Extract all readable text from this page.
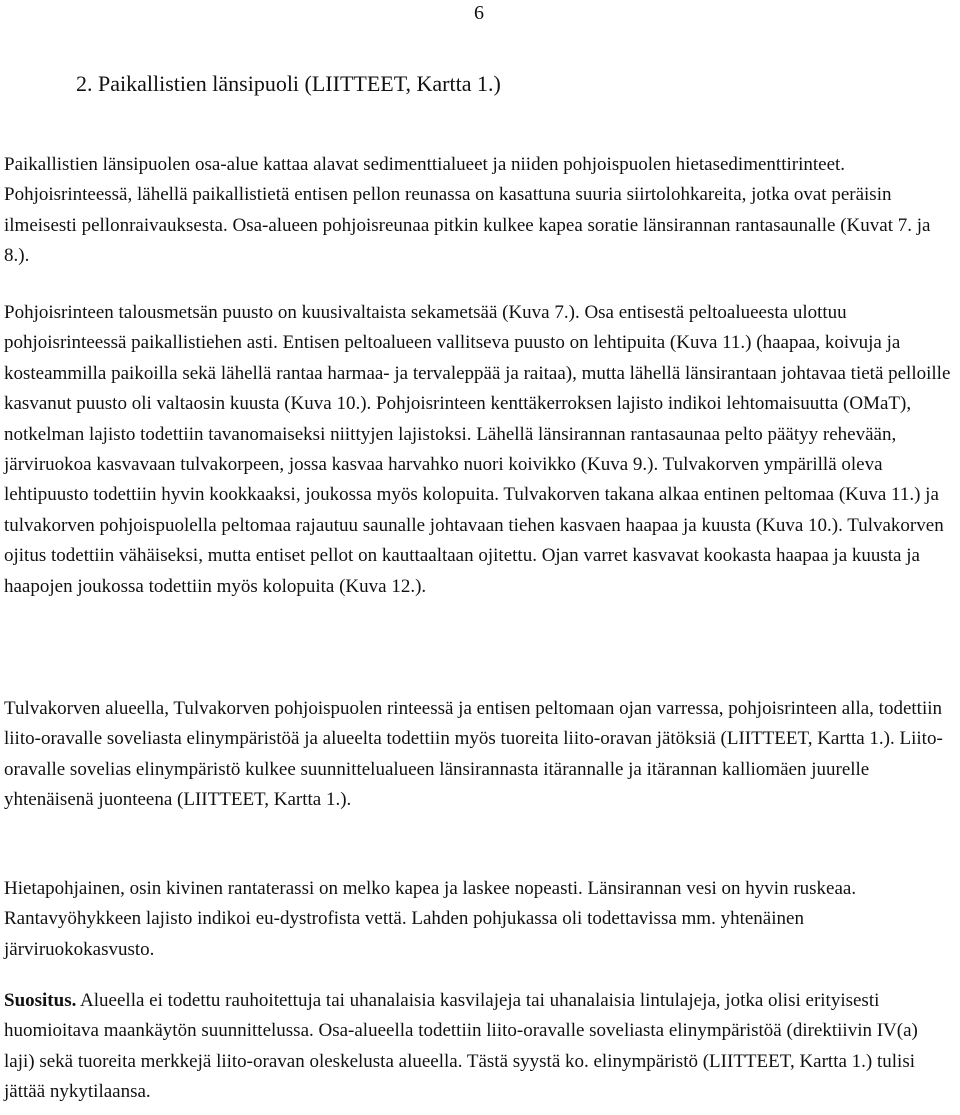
6
2. Paikallistien länsipuoli (LIITTEET, Kartta 1.)

Paikallistien länsipuolen osa-alue kattaa alavat sedimenttialueet ja niiden pohjoispuolen hietasedimenttirinteet. Pohjoisrinteessä, lähellä paikallistietä entisen pellon reunassa on kasattuna suuria siirtolohkareita, jotka ovat peräisin ilmeisesti pellonraivauksesta. Osa-alueen pohjoisreunaa pitkin kulkee kapea soratie länsirannan rantasaunalle (Kuvat 7. ja 8.).

Pohjoisrinteen talousmetsän puusto on kuusivaltaista sekametsää (Kuva 7.). Osa entisestä peltoalueesta ulottuu pohjoisrinteessä paikallistiehen asti. Entisen peltoalueen vallitseva puusto on lehtipuita (Kuva 11.) (haapaa, koivuja ja kosteammilla paikoilla sekä lähellä rantaa harmaa- ja tervaleppää ja raitaa), mutta lähellä länsirantaan johtavaa tietä pelloille kasvanut puusto oli valtaosin kuusta (Kuva 10.). Pohjoisrinteen kenttäkerroksen lajisto indikoi lehtomaisuutta (OMaT), notkelman lajisto todettiin tavanomaiseksi niittyjen lajistoksi. Lähellä länsirannan rantasaunaa pelto päätyy rehevään, järviruokoa kasvavaan tulvakorpeen, jossa kasvaa harvahko nuori koivikko (Kuva 9.). Tulvakorven ympärillä oleva lehtipuusto todettiin hyvin kookkaaksi, joukossa myös kolopuita. Tulvakorven takana alkaa entinen peltomaa (Kuva 11.) ja tulvakorven pohjoispuolella peltomaa rajautuu saunalle johtavaan tiehen kasvaen haapaa ja kuusta (Kuva 10.). Tulvakorven ojitus todettiin vähäiseksi, mutta entiset pellot on kauttaaltaan ojitettu. Ojan varret kasvavat kookasta haapaa ja kuusta ja haapojen joukossa todettiin myös kolopuita (Kuva 12.).

Tulvakorven alueella, Tulvakorven pohjoispuolen rinteessä ja entisen peltomaan ojan varressa, pohjoisrinteen alla, todettiin liito-oravalle soveliasta elinympäristöä ja alueelta todettiin myös tuoreita liito-oravan jätöksiä (LIITTEET, Kartta 1.). Liito-oravalle sovelias elinympäristö kulkee suunnittelualueen länsirannasta itärannalle ja itärannan kalliomäen juurelle yhtenäisenä juonteena (LIITTEET, Kartta 1.).

Hietapohjainen, osin kivinen rantaterassi on melko kapea ja laskee nopeasti. Länsirannan vesi on hyvin ruskeaa. Rantavyöhykkeen lajisto indikoi eu-dystrofista vettä. Lahden pohjukassa oli todettavissa mm. yhtenäinen järviruokokasvusto.

Suositus. Alueella ei todettu rauhoitettuja tai uhanalaisia kasvilajeja tai uhanalaisia lintulajeja, jotka olisi erityisesti huomioitava maankäytön suunnittelussa. Osa-alueella todettiin liito-oravalle soveliasta elinympäristöä (direktiivin IV(a) laji) sekä tuoreita merkkejä liito-oravan oleskelusta alueella. Tästä syystä ko. elinympäristö (LIITTEET, Kartta 1.) tulisi jättää nykytilaansa.
